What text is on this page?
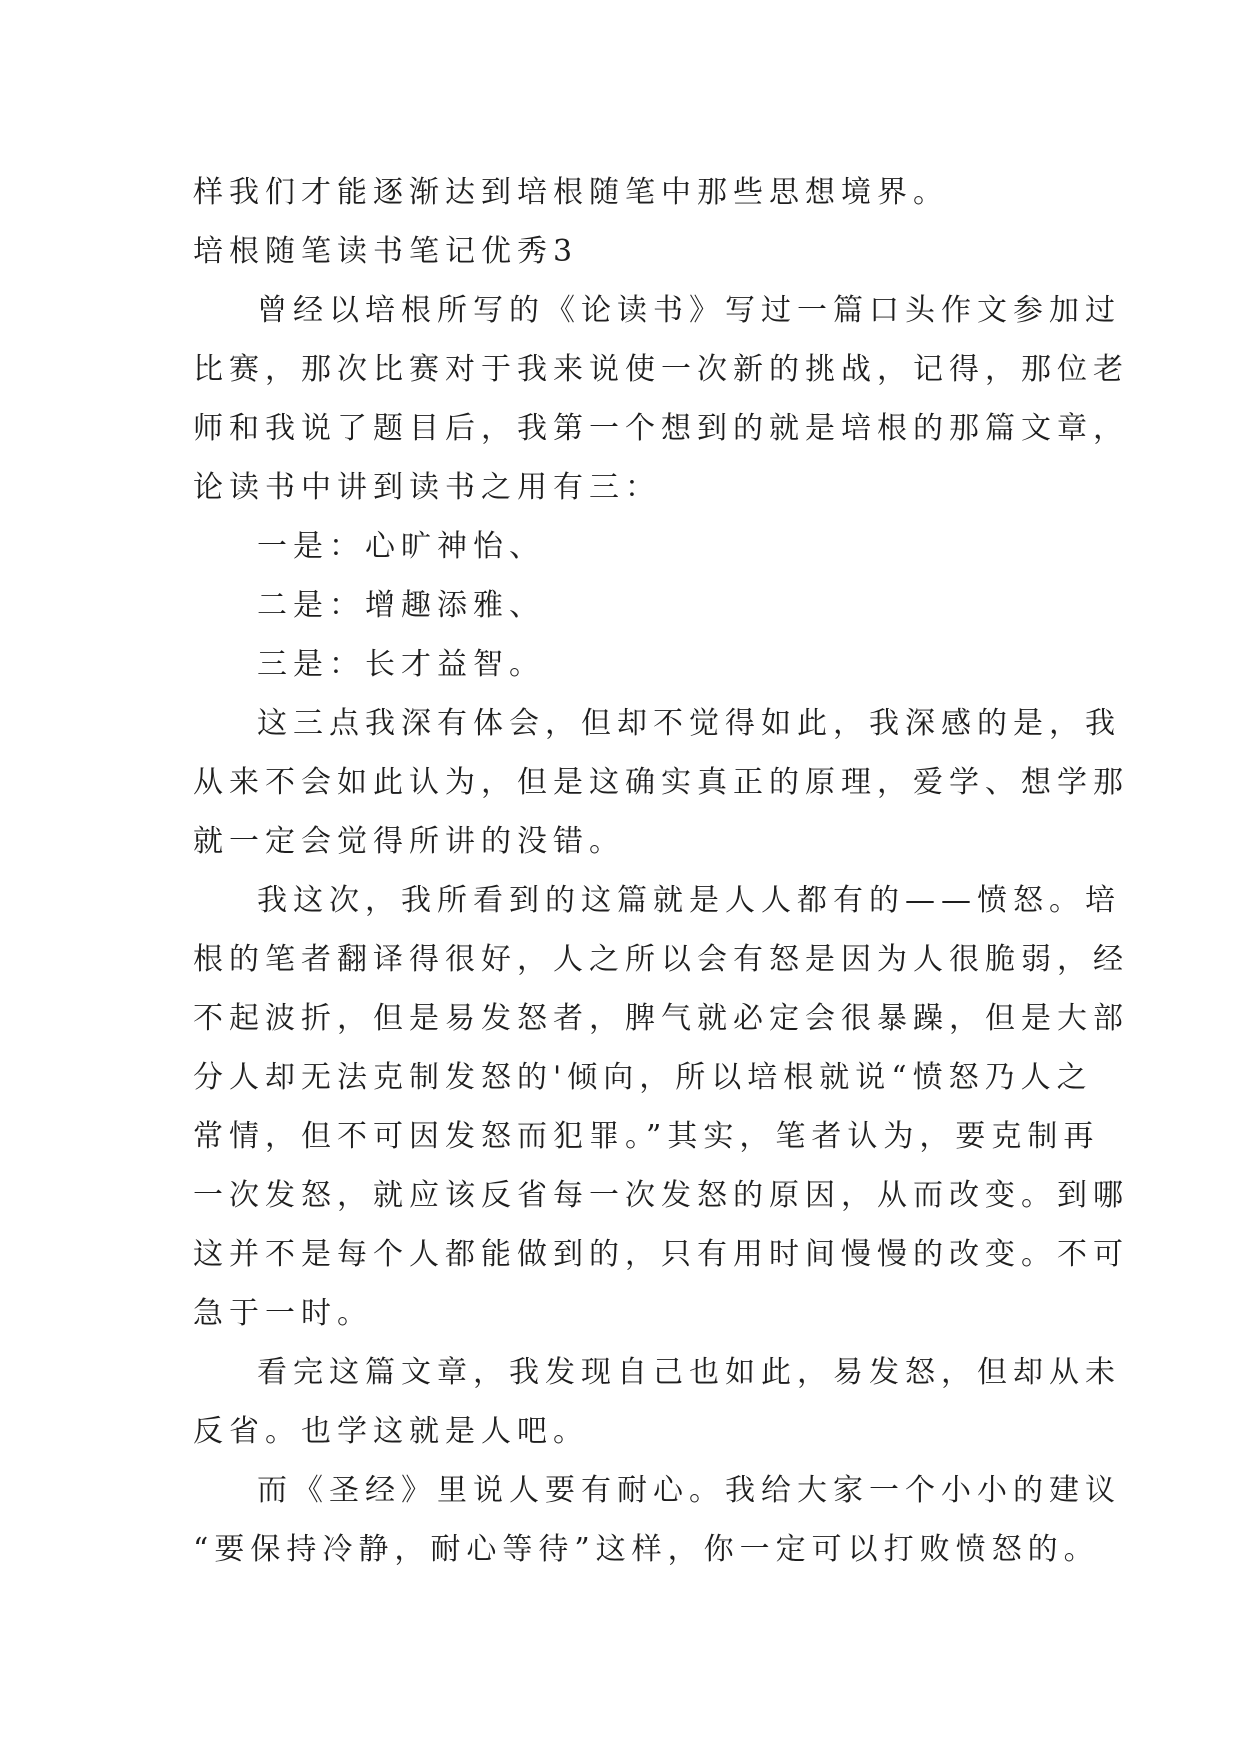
样我们才能逐渐达到培根随笔中那些思想境界。
培根随笔读书笔记优秀3
曾经以培根所写的《论读书》写过一篇口头作文参加过
比赛，那次比赛对于我来说使一次新的挑战，记得，那位老
师和我说了题目后，我第一个想到的就是培根的那篇文章，
论读书中讲到读书之用有三：
一是：心旷神怡、
二是：增趣添雅、
三是：长才益智。
这三点我深有体会，但却不觉得如此，我深感的是，我
从来不会如此认为，但是这确实真正的原理，爱学、想学那
就一定会觉得所讲的没错。
我这次，我所看到的这篇就是人人都有的——愤怒。培
根的笔者翻译得很好，人之所以会有怒是因为人很脆弱，经
不起波折，但是易发怒者，脾气就必定会很暴躁，但是大部
分人却无法克制发怒的'倾向，所以培根就说“愤怒乃人之
常情，但不可因发怒而犯罪。”其实，笔者认为，要克制再
一次发怒，就应该反省每一次发怒的原因，从而改变。到哪
这并不是每个人都能做到的，只有用时间慢慢的改变。不可
急于一时。
看完这篇文章，我发现自己也如此，易发怒，但却从未
反省。也学这就是人吧。
而《圣经》里说人要有耐心。我给大家一个小小的建议
“要保持冷静，耐心等待”这样，你一定可以打败愤怒的。
